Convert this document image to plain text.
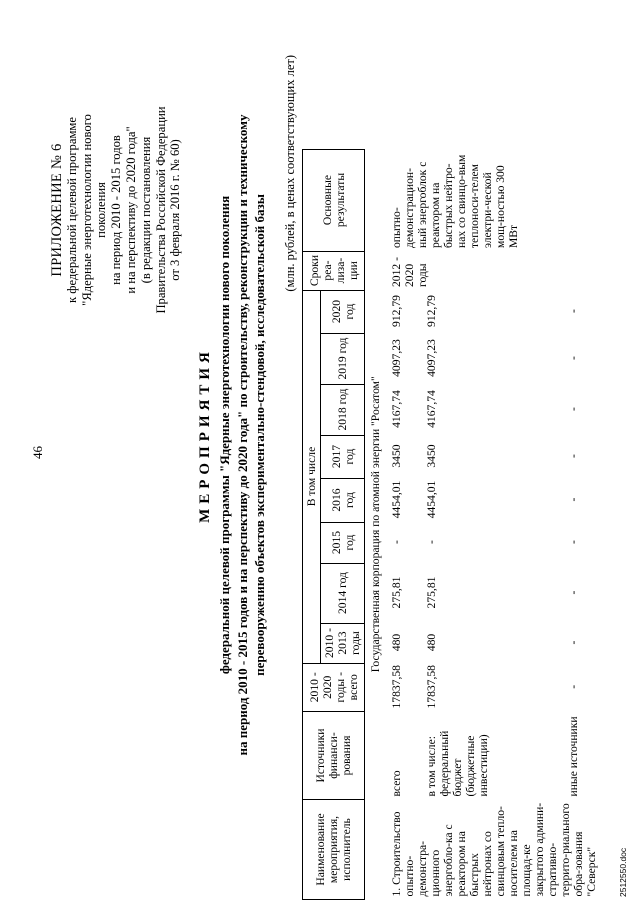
46
ПРИЛОЖЕНИЕ № 6 к федеральной целевой программе "Ядерные энерготехнологии нового поколения на период 2010 - 2015 годов и на перспективу до 2020 года" (в редакции постановления Правительства Российской Федерации от 3 февраля 2016 г. № 60)
МЕРОПРИЯТИЯ федеральной целевой программы "Ядерные энерготехнологии нового поколения на период 2010 - 2015 годов и на перспективу до 2020 года" по строительству, реконструкции и техническому перевооружению объектов экспериментально-стендовой, исследовательской базы
(млн. рублей, в ценах соответствующих лет)
Наименование мероприятия, исполнитель	Источники финанси-рования	2010 - 2020 годы - всего	В том числе								Сроки реа-лиза-ции	Основные результаты
			2010 - 2013 годы	2014 год	2015 год	2016 год	2017 год	2018 год	2019 год	2020 год		
Государственная корпорация по атомной энергии "Росатом"												
1. Строительство опытно-демонстра-ционного энергобло-ка с реактором на быстрых нейтронах со свинцовым тепло-носителем на площад-ке закрытого админи-стративно-террито-риального обра-зования "Северск"	всего	17837,58	480	275,81	-	4454,01	3450	4167,74	4097,23	912,79	2012 - 2020 годы	опытно-демонстрацион-ный энергоблок с реактором на быстрых нейтро-нах со свинцо-вым теплоноси-телем электри-ческой мощ-ностью 300 МВт
	в том числе: федеральный бюджет (бюджетные инвестиции)	17837,58	480	275,81	-	4454,01	3450	4167,74	4097,23	912,79		
	иные источники	-	-	-	-	-	-	-	-	-		
2512550.doc
